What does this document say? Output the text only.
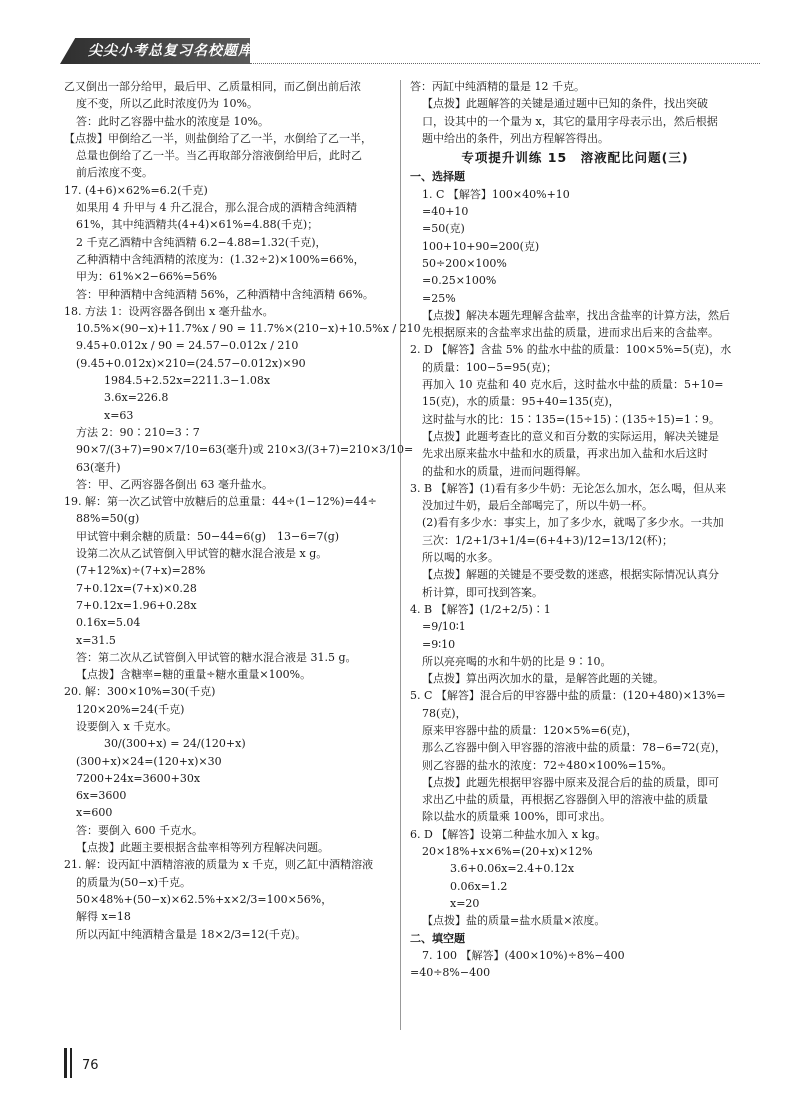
尖尖小考总复习名校题库

乙又倒出一部分给甲，最后甲、乙质量相同，而乙倒出前后浓

度不变，所以乙此时浓度仍为 10%。

答：此时乙容器中盐水的浓度是 10%。

【点拨】甲倒给乙一半，则盐倒给了乙一半，水倒给了乙一半，

总量也倒给了乙一半。当乙再取部分溶液倒给甲后，此时乙

前后浓度不变。

17. (4+6)×62%=6.2(千克)

如果用 4 升甲与 4 升乙混合，那么混合成的酒精含纯酒精

61%，其中纯酒精共(4+4)×61%=4.88(千克)；

2 千克乙酒精中含纯酒精 6.2−4.88=1.32(千克)，

乙种酒精中含纯酒精的浓度为：(1.32÷2)×100%=66%，

甲为：61%×2−66%=56%

答：甲种酒精中含纯酒精 56%，乙种酒精中含纯酒精 66%。

18. 方法 1：设两容器各倒出 x 毫升盐水。

10.5%×(90−x)+11.7%x / 90 = 11.7%×(210−x)+10.5%x / 210

9.45+0.012x / 90 = 24.57−0.012x / 210

(9.45+0.012x)×210=(24.57−0.012x)×90

1984.5+2.52x=2211.3−1.08x

3.6x=226.8

x=63

方法 2：90∶210=3∶7

90×7/(3+7)=90×7/10=63(毫升)或 210×3/(3+7)=210×3/10=

63(毫升)

答：甲、乙两容器各倒出 63 毫升盐水。

19. 解：第一次乙试管中放糖后的总重量：44÷(1−12%)=44÷

88%=50(g)

甲试管中剩余糖的质量：50−44=6(g)　13−6=7(g)

设第二次从乙试管倒入甲试管的糖水混合液是 x g。

(7+12%x)÷(7+x)=28%

7+0.12x=(7+x)×0.28

7+0.12x=1.96+0.28x

0.16x=5.04

x=31.5

答：第二次从乙试管倒入甲试管的糖水混合液是 31.5 g。

【点拨】含糖率=糖的重量÷糖水重量×100%。

20. 解：300×10%=30(千克)

120×20%=24(千克)

设要倒入 x 千克水。

30/(300+x) = 24/(120+x)

(300+x)×24=(120+x)×30

7200+24x=3600+30x

6x=3600

x=600

答：要倒入 600 千克水。

【点拨】此题主要根据含盐率相等列方程解决问题。

21. 解：设丙缸中酒精溶液的质量为 x 千克，则乙缸中酒精溶液

的质量为(50−x)千克。

50×48%+(50−x)×62.5%+x×2/3=100×56%，

解得 x=18

所以丙缸中纯酒精含量是 18×2/3=12(千克)。

答：丙缸中纯酒精的量是 12 千克。

【点拨】此题解答的关键是通过题中已知的条件，找出突破

口，设其中的一个量为 x，其它的量用字母表示出，然后根据

题中给出的条件，列出方程解答得出。

专项提升训练 15　溶液配比问题(三)

一、选择题

1. C 【解答】100×40%+10

=40+10

=50(克)

100+10+90=200(克)

50÷200×100%

=0.25×100%

=25%

【点拨】解决本题先理解含盐率，找出含盐率的计算方法，然后

先根据原来的含盐率求出盐的质量，进而求出后来的含盐率。

2. D 【解答】含盐 5% 的盐水中盐的质量：100×5%=5(克)，水

的质量：100−5=95(克)；

再加入 10 克盐和 40 克水后，这时盐水中盐的质量：5+10=

15(克)，水的质量：95+40=135(克)，

这时盐与水的比：15∶135=(15÷15)∶(135÷15)=1∶9。

【点拨】此题考查比的意义和百分数的实际运用，解决关键是

先求出原来盐水中盐和水的质量，再求出加入盐和水后这时

的盐和水的质量，进而问题得解。

3. B 【解答】(1)看有多少牛奶：无论怎么加水，怎么喝，但从来

没加过牛奶，最后全部喝完了，所以牛奶一杯。

(2)看有多少水：事实上，加了多少水，就喝了多少水。一共加

三次：1/2+1/3+1/4=(6+4+3)/12=13/12(杯)；

所以喝的水多。

【点拨】解题的关键是不要受数的迷惑，根据实际情况认真分

析计算，即可找到答案。

4. B 【解答】(1/2+2/5)∶1

=9/10∶1

=9∶10

所以亮亮喝的水和牛奶的比是 9∶10。

【点拨】算出两次加水的量，是解答此题的关键。

5. C 【解答】混合后的甲容器中盐的质量：(120+480)×13%=

78(克)，

原来甲容器中盐的质量：120×5%=6(克)，

那么乙容器中倒入甲容器的溶液中盐的质量：78−6=72(克)，

则乙容器的盐水的浓度：72÷480×100%=15%。

【点拨】此题先根据甲容器中原来及混合后的盐的质量，即可

求出乙中盐的质量，再根据乙容器倒入甲的溶液中盐的质量

除以盐水的质量乘 100%，即可求出。

6. D 【解答】设第二种盐水加入 x kg。

20×18%+x×6%=(20+x)×12%

3.6+0.06x=2.4+0.12x

0.06x=1.2

x=20

【点拨】盐的质量=盐水质量×浓度。

二、填空题

7. 100 【解答】(400×10%)÷8%−400

=40÷8%−400

76
